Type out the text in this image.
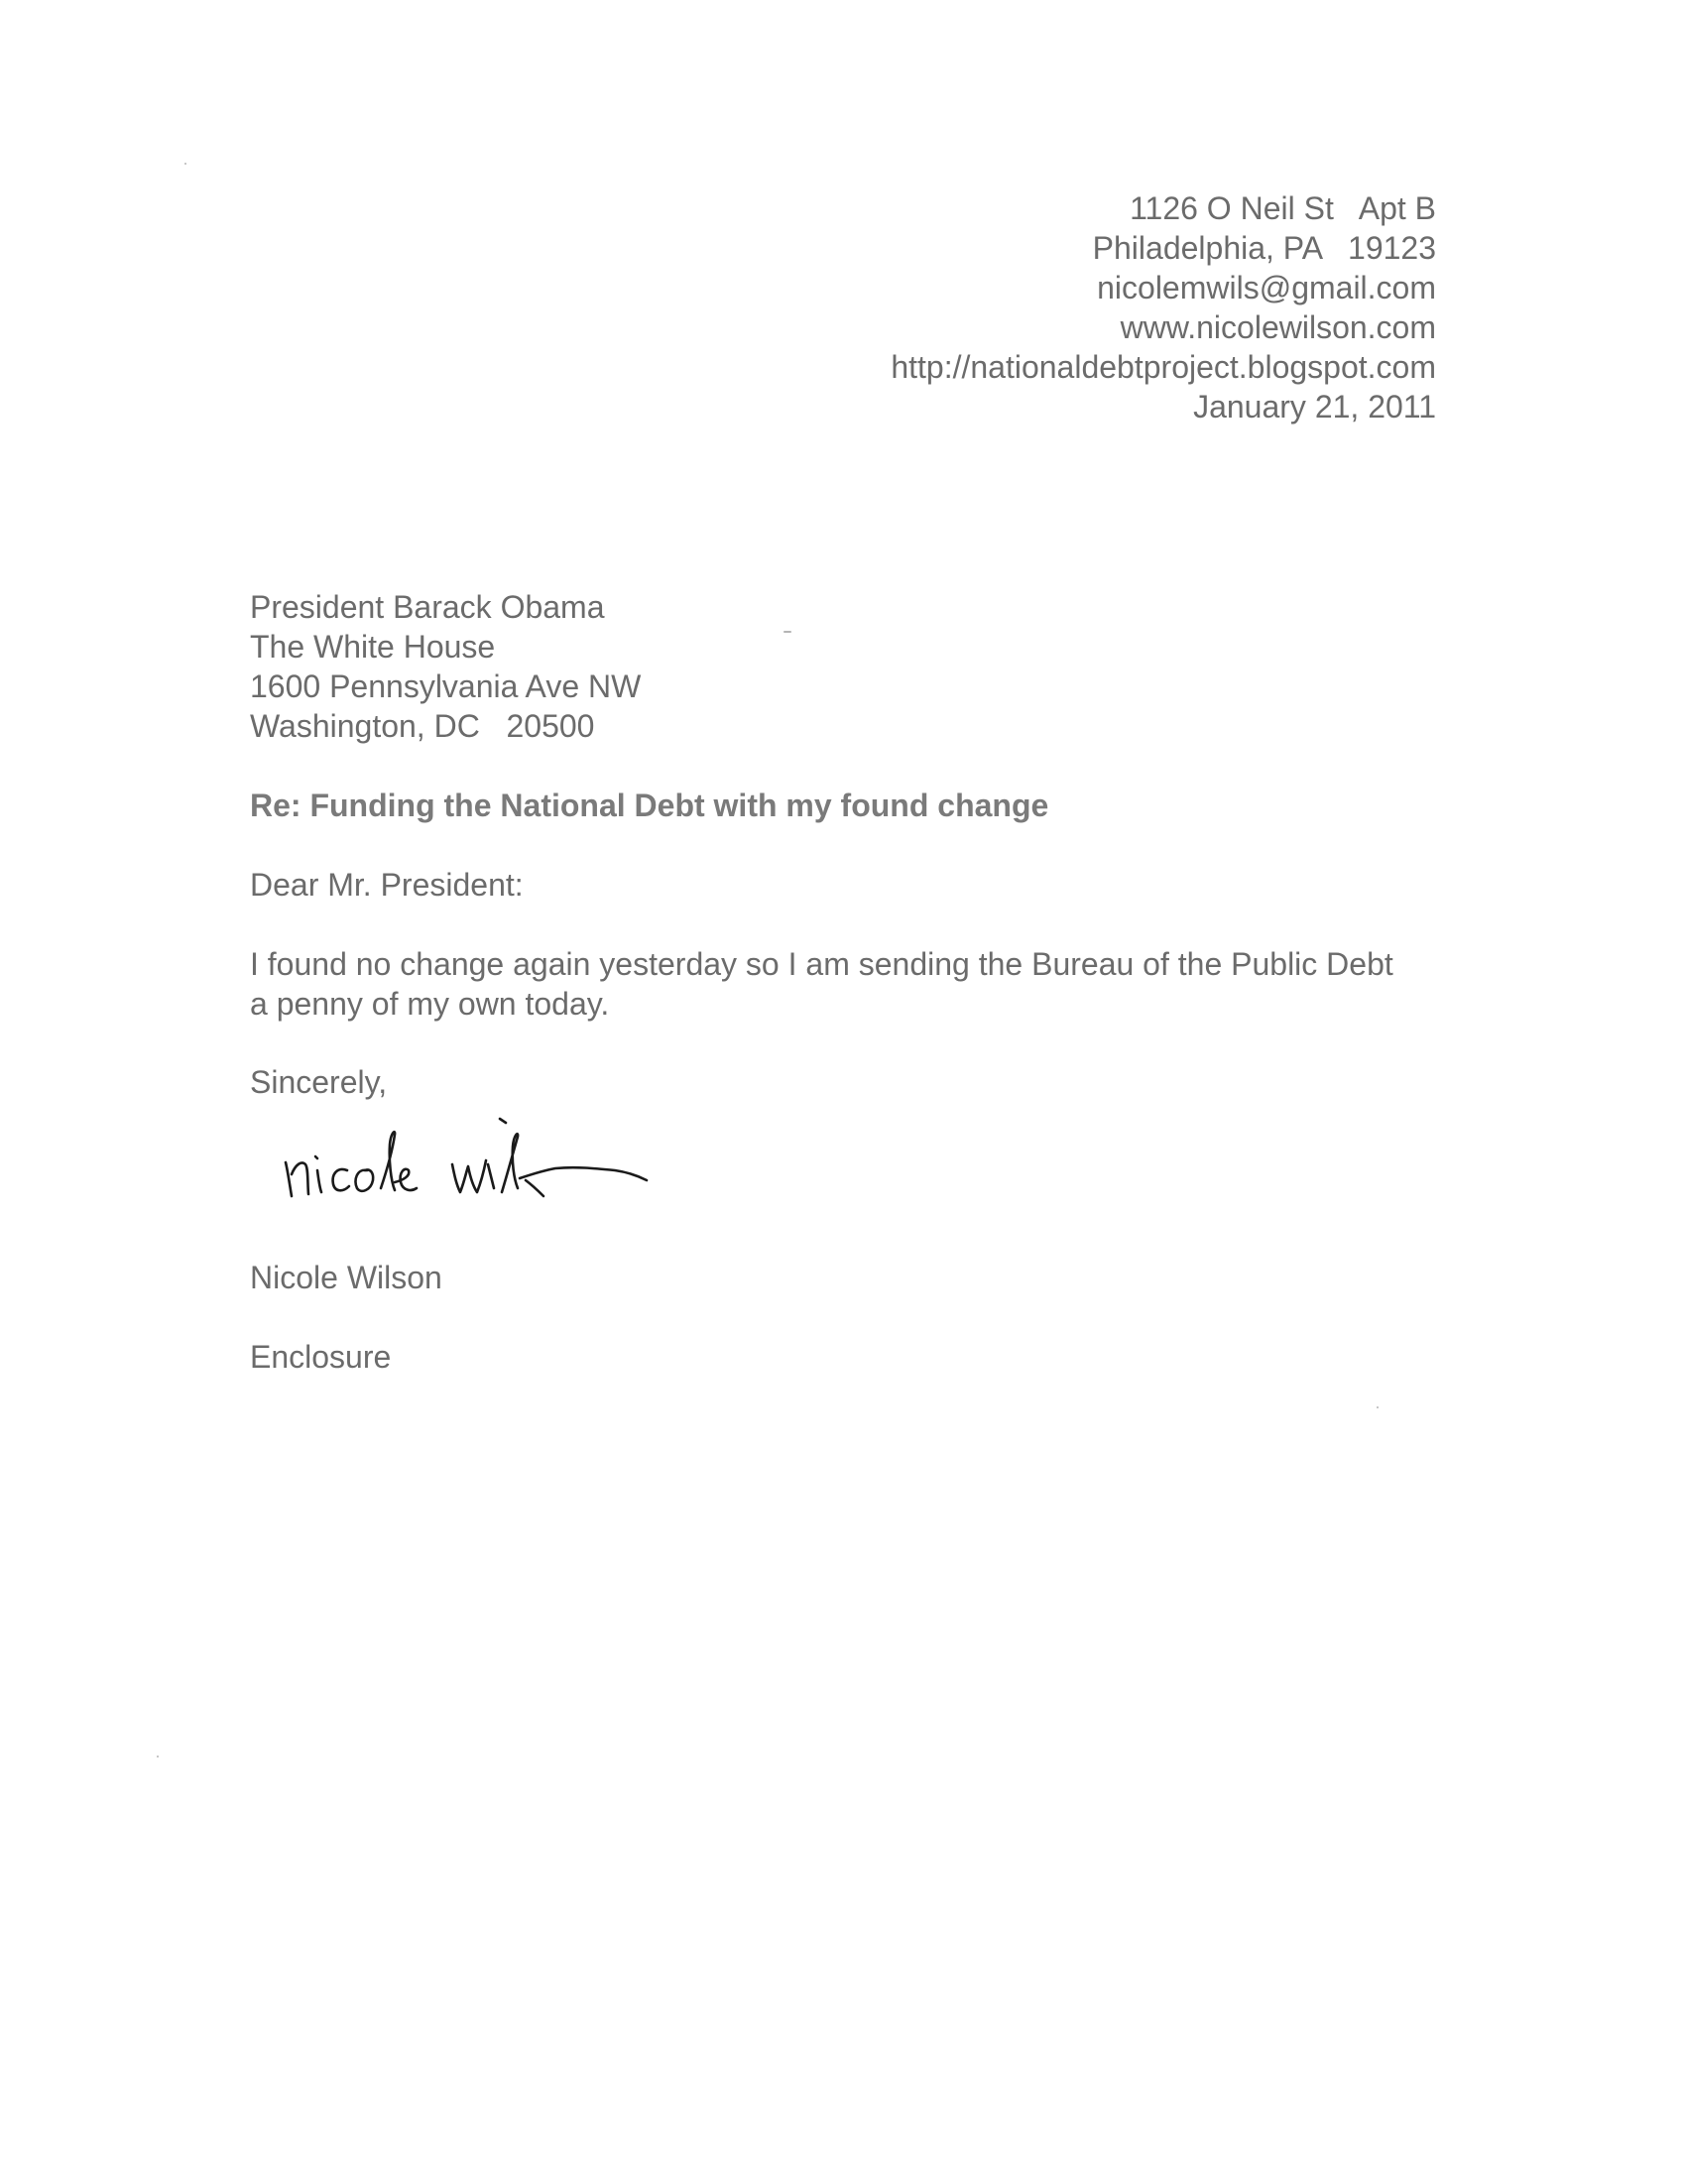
1126 O Neil St   Apt B
Philadelphia, PA   19123
nicolemwils@gmail.com
www.nicolewilson.com
http://nationaldebtproject.blogspot.com
January 21, 2011
President Barack Obama
The White House
1600 Pennsylvania Ave NW
Washington, DC   20500
Re: Funding the National Debt with my found change
Dear Mr. President:
I found no change again yesterday so I am sending the Bureau of the Public Debt
a penny of my own today.
Sincerely,
Nicole Wilson
Enclosure
